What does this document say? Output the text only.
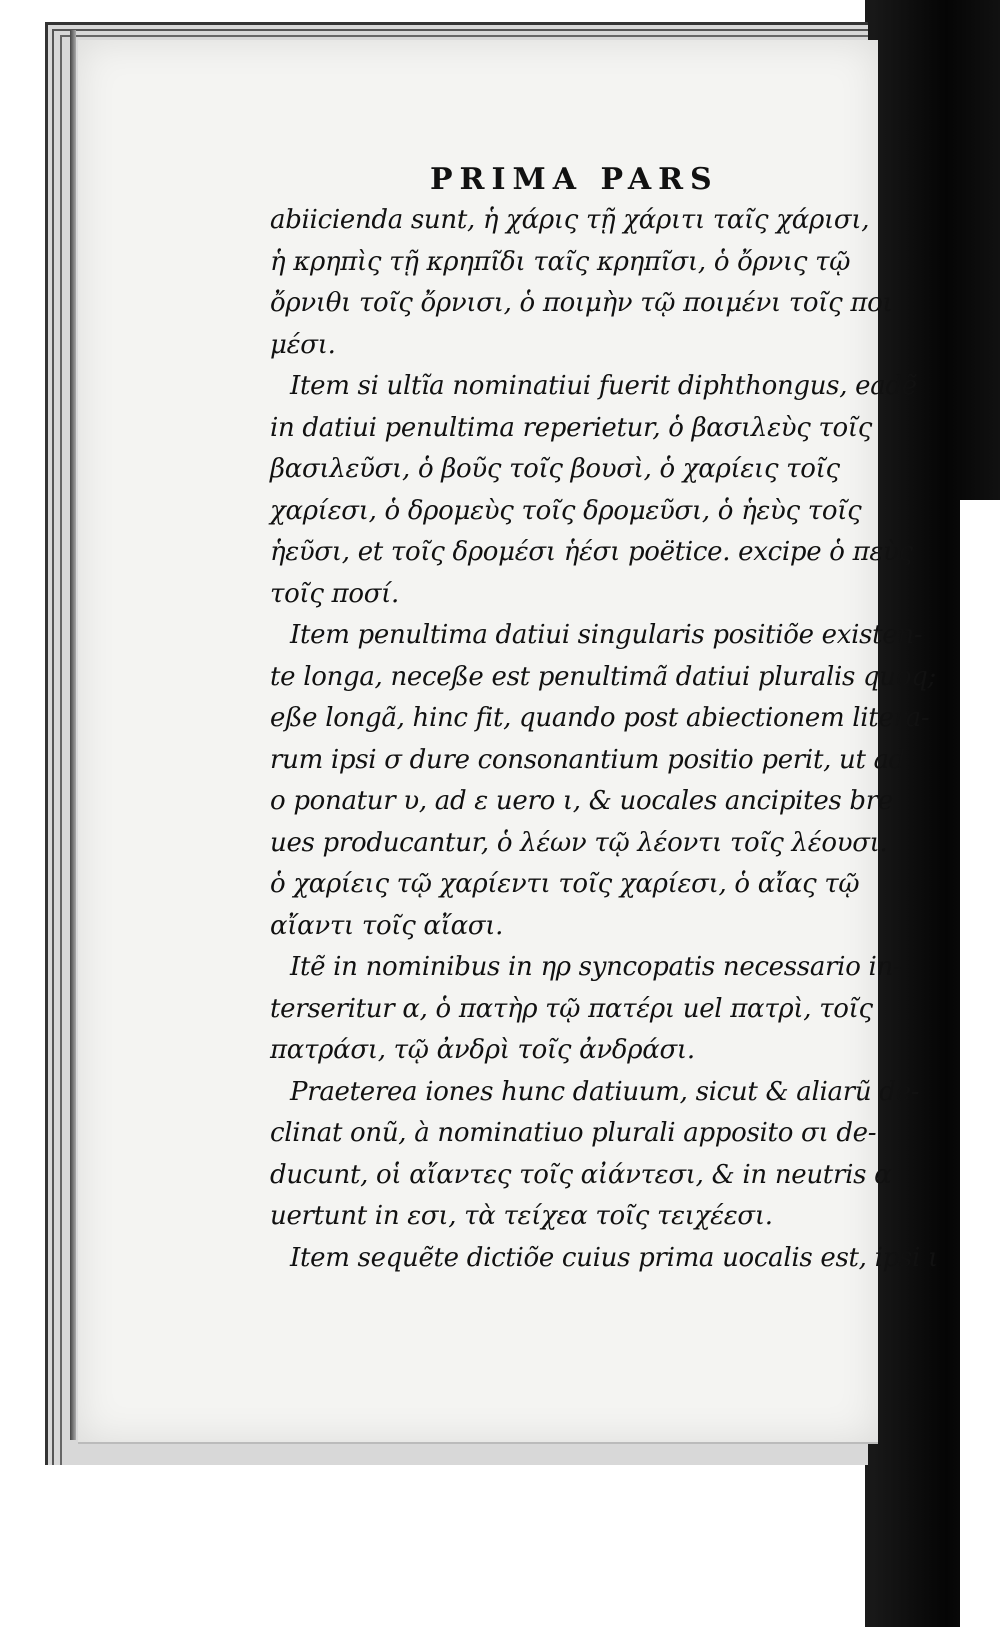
PRIMA PARS
abiicienda sunt, ἡ χάρις τῇ χάριτι ταῖς χάρισι,
ἡ κρηπὶς τῇ κρηπῖδι ταῖς κρηπῖσι, ὁ ὄρνις τῷ
ὄρνιθι τοῖς ὄρνισι, ὁ ποιμὴν τῷ ποιμένι τοῖς ποι
μέσι.
Item si ultĩa nominatiui fuerit diphthongus, eadẽ
in datiui penultima reperietur, ὁ βασιλεὺς τοῖς
βασιλεῦσι, ὁ βοῦς τοῖς βουσὶ, ὁ χαρίεις τοῖς
χαρίεσι, ὁ δρομεὺς τοῖς δρομεῦσι, ὁ ἡεὺς τοῖς
ἡεῦσι, et τοῖς δρομέσι ἡέσι poëtice. excipe ὁ πεὺς
τοῖς ποσί.
Item penultima datiui singularis positiõe existen-
te longa, neceße est penultimã datiui pluralis quoq;
eße longã, hinc fit, quando post abiectionem litera-
rum ipsi σ dure consonantium positio perit, ut ad
ο ponatur υ, ad ε uero ι, & uocales ancipites bre
ues producantur, ὁ λέων τῷ λέοντι τοῖς λέουσι.
ὁ χαρίεις τῷ χαρίεντι τοῖς χαρίεσι, ὁ αἴας τῷ
αἴαντι τοῖς αἴασι.
Itẽ in nominibus in ηρ syncopatis necessario in-
terseritur α, ὁ πατὴρ τῷ πατέρι uel πατρὶ, τοῖς
πατράσι, τῷ ἀνδρὶ τοῖς ἀνδράσι.
Praeterea iones hunc datiuum, sicut & aliarũ de-
clinat onũ, à nominatiuo plurali apposito σι de-
ducunt, οἱ αἴαντες τοῖς αἰάντεσι, & in neutris α
uertunt in εσι, τὰ τείχεα τοῖς τειχέεσι.
Item sequẽte dictiõe cuius prima uocalis est, ipsi ι
